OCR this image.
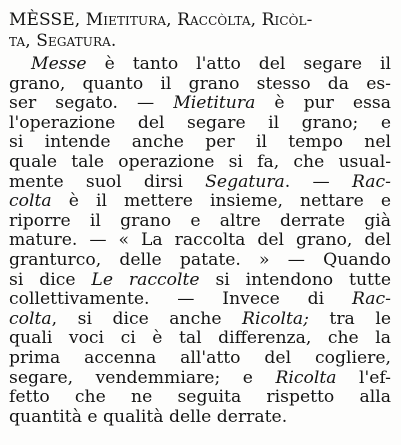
MÈSSE, Mietitura, Raccòlta, Ricòl-
ta, Segatura.
Messe è tanto l'atto del segare il
grano, quanto il grano stesso da es-
ser segato. — Mietitura è pur essa
l'operazione del segare il grano; e
si intende anche per il tempo nel
quale tale operazione si fa, che usual-
mente suol dirsi Segatura. — Rac-
colta è il mettere insieme, nettare e
riporre il grano e altre derrate già
mature. — « La raccolta del grano, del
granturco, delle patate. » — Quando
si dice Le raccolte si intendono tutte
collettivamente. — Invece di Rac-
colta, si dice anche Ricolta; tra le
quali voci ci è tal differenza, che la
prima accenna all'atto del cogliere,
segare, vendemmiare; e Ricolta l'ef-
fetto che ne seguita rispetto alla
quantità e qualità delle derrate.
